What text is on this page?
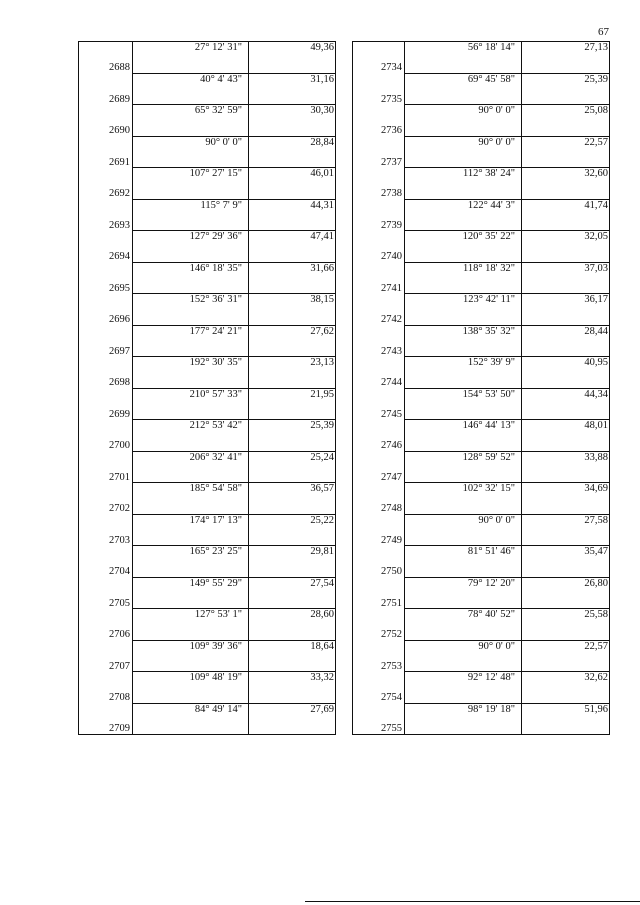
67
2688	27° 12' 31"	49,36
2689	40° 4' 43"	31,16
2690	65° 32' 59"	30,30
2691	90° 0' 0"	28,84
2692	107° 27' 15"	46,01
2693	115° 7' 9"	44,31
2694	127° 29' 36"	47,41
2695	146° 18' 35"	31,66
2696	152° 36' 31"	38,15
2697	177° 24' 21"	27,62
2698	192° 30' 35"	23,13
2699	210° 57' 33"	21,95
2700	212° 53' 42"	25,39
2701	206° 32' 41"	25,24
2702	185° 54' 58"	36,57
2703	174° 17' 13"	25,22
2704	165° 23' 25"	29,81
2705	149° 55' 29"	27,54
2706	127° 53' 1"	28,60
2707	109° 39' 36"	18,64
2708	109° 48' 19"	33,32
2709	84° 49' 14"	27,69
2734	56° 18' 14"	27,13
2735	69° 45' 58"	25,39
2736	90° 0' 0"	25,08
2737	90° 0' 0"	22,57
2738	112° 38' 24"	32,60
2739	122° 44' 3"	41,74
2740	120° 35' 22"	32,05
2741	118° 18' 32"	37,03
2742	123° 42' 11"	36,17
2743	138° 35' 32"	28,44
2744	152° 39' 9"	40,95
2745	154° 53' 50"	44,34
2746	146° 44' 13"	48,01
2747	128° 59' 52"	33,88
2748	102° 32' 15"	34,69
2749	90° 0' 0"	27,58
2750	81° 51' 46"	35,47
2751	79° 12' 20"	26,80
2752	78° 40' 52"	25,58
2753	90° 0' 0"	22,57
2754	92° 12' 48"	32,62
2755	98° 19' 18"	51,96
